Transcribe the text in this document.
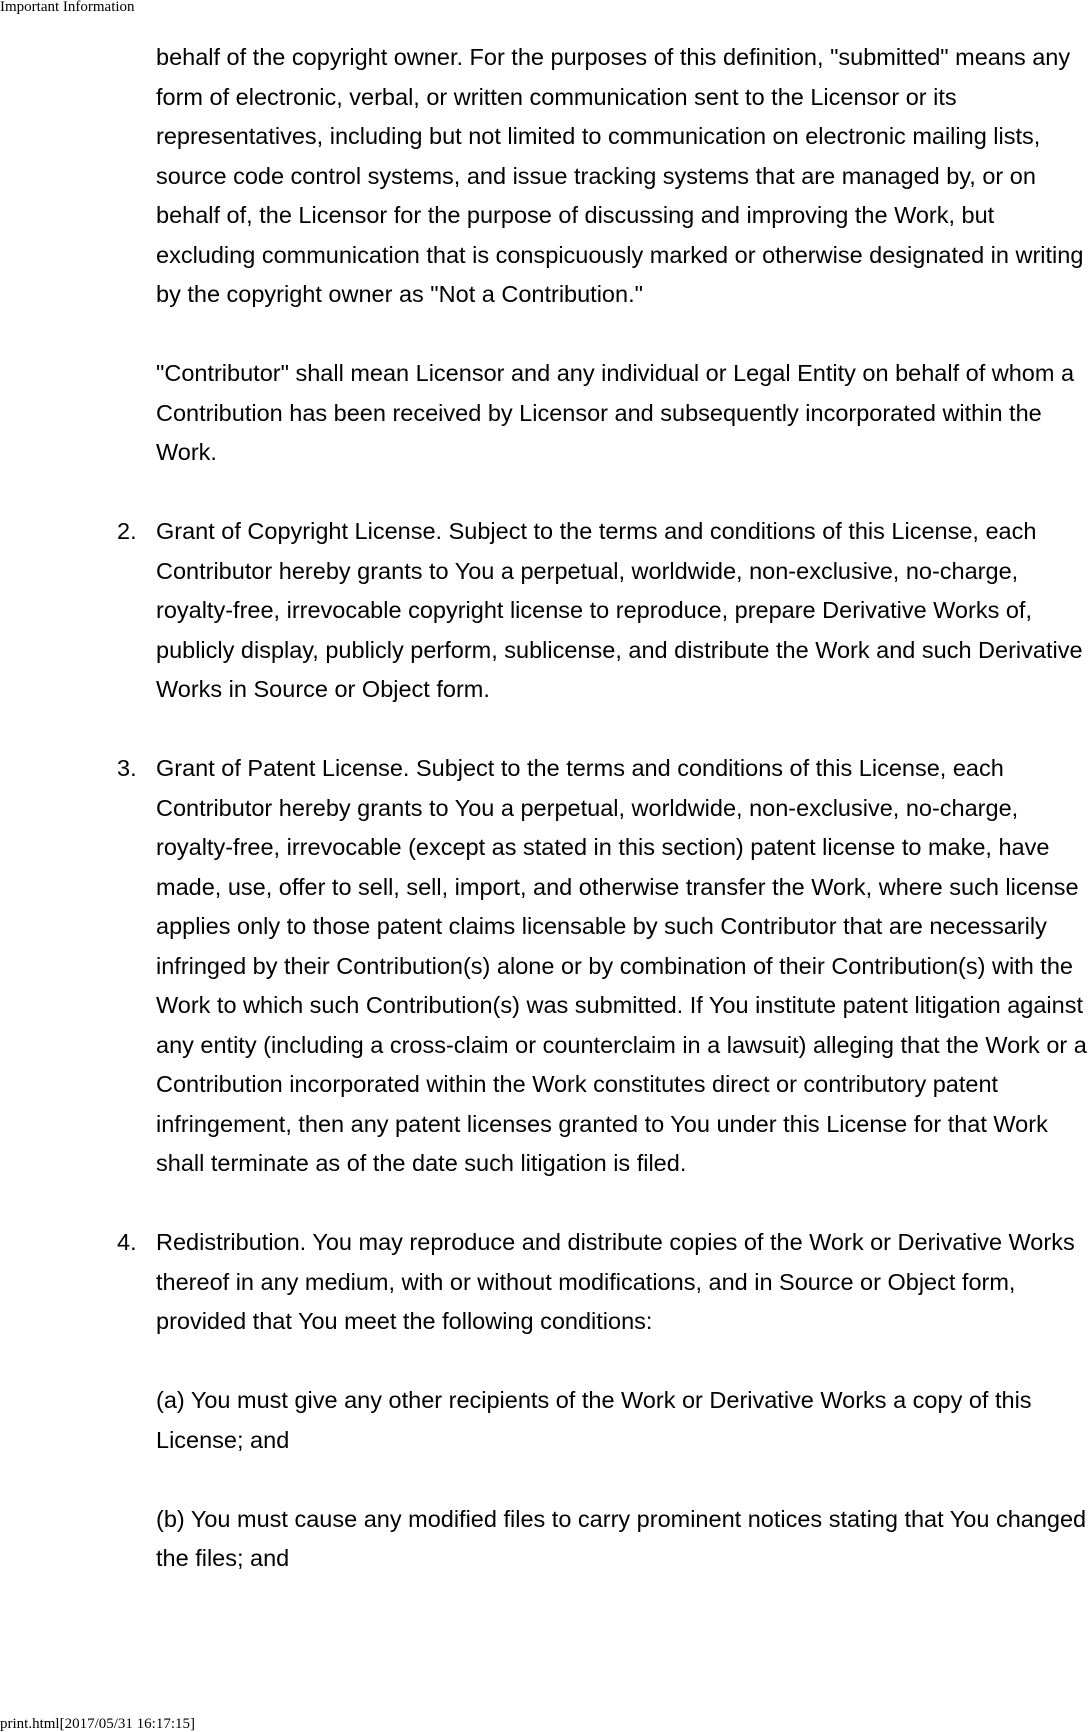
Important Information

behalf of the copyright owner. For the purposes of this definition, "submitted" means any form of electronic, verbal, or written communication sent to the Licensor or its representatives, including but not limited to communication on electronic mailing lists, source code control systems, and issue tracking systems that are managed by, or on behalf of, the Licensor for the purpose of discussing and improving the Work, but excluding communication that is conspicuously marked or otherwise designated in writing by the copyright owner as "Not a Contribution."

"Contributor" shall mean Licensor and any individual or Legal Entity on behalf of whom a Contribution has been received by Licensor and subsequently incorporated within the Work.

2. Grant of Copyright License. Subject to the terms and conditions of this License, each Contributor hereby grants to You a perpetual, worldwide, non-exclusive, no-charge, royalty-free, irrevocable copyright license to reproduce, prepare Derivative Works of, publicly display, publicly perform, sublicense, and distribute the Work and such Derivative Works in Source or Object form.

3. Grant of Patent License. Subject to the terms and conditions of this License, each Contributor hereby grants to You a perpetual, worldwide, non-exclusive, no-charge, royalty-free, irrevocable (except as stated in this section) patent license to make, have made, use, offer to sell, sell, import, and otherwise transfer the Work, where such license applies only to those patent claims licensable by such Contributor that are necessarily infringed by their Contribution(s) alone or by combination of their Contribution(s) with the Work to which such Contribution(s) was submitted. If You institute patent litigation against any entity (including a cross-claim or counterclaim in a lawsuit) alleging that the Work or a Contribution incorporated within the Work constitutes direct or contributory patent infringement, then any patent licenses granted to You under this License for that Work shall terminate as of the date such litigation is filed.

4. Redistribution. You may reproduce and distribute copies of the Work or Derivative Works thereof in any medium, with or without modifications, and in Source or Object form, provided that You meet the following conditions:

(a) You must give any other recipients of the Work or Derivative Works a copy of this License; and

(b) You must cause any modified files to carry prominent notices stating that You changed the files; and

print.html[2017/05/31 16:17:15]
